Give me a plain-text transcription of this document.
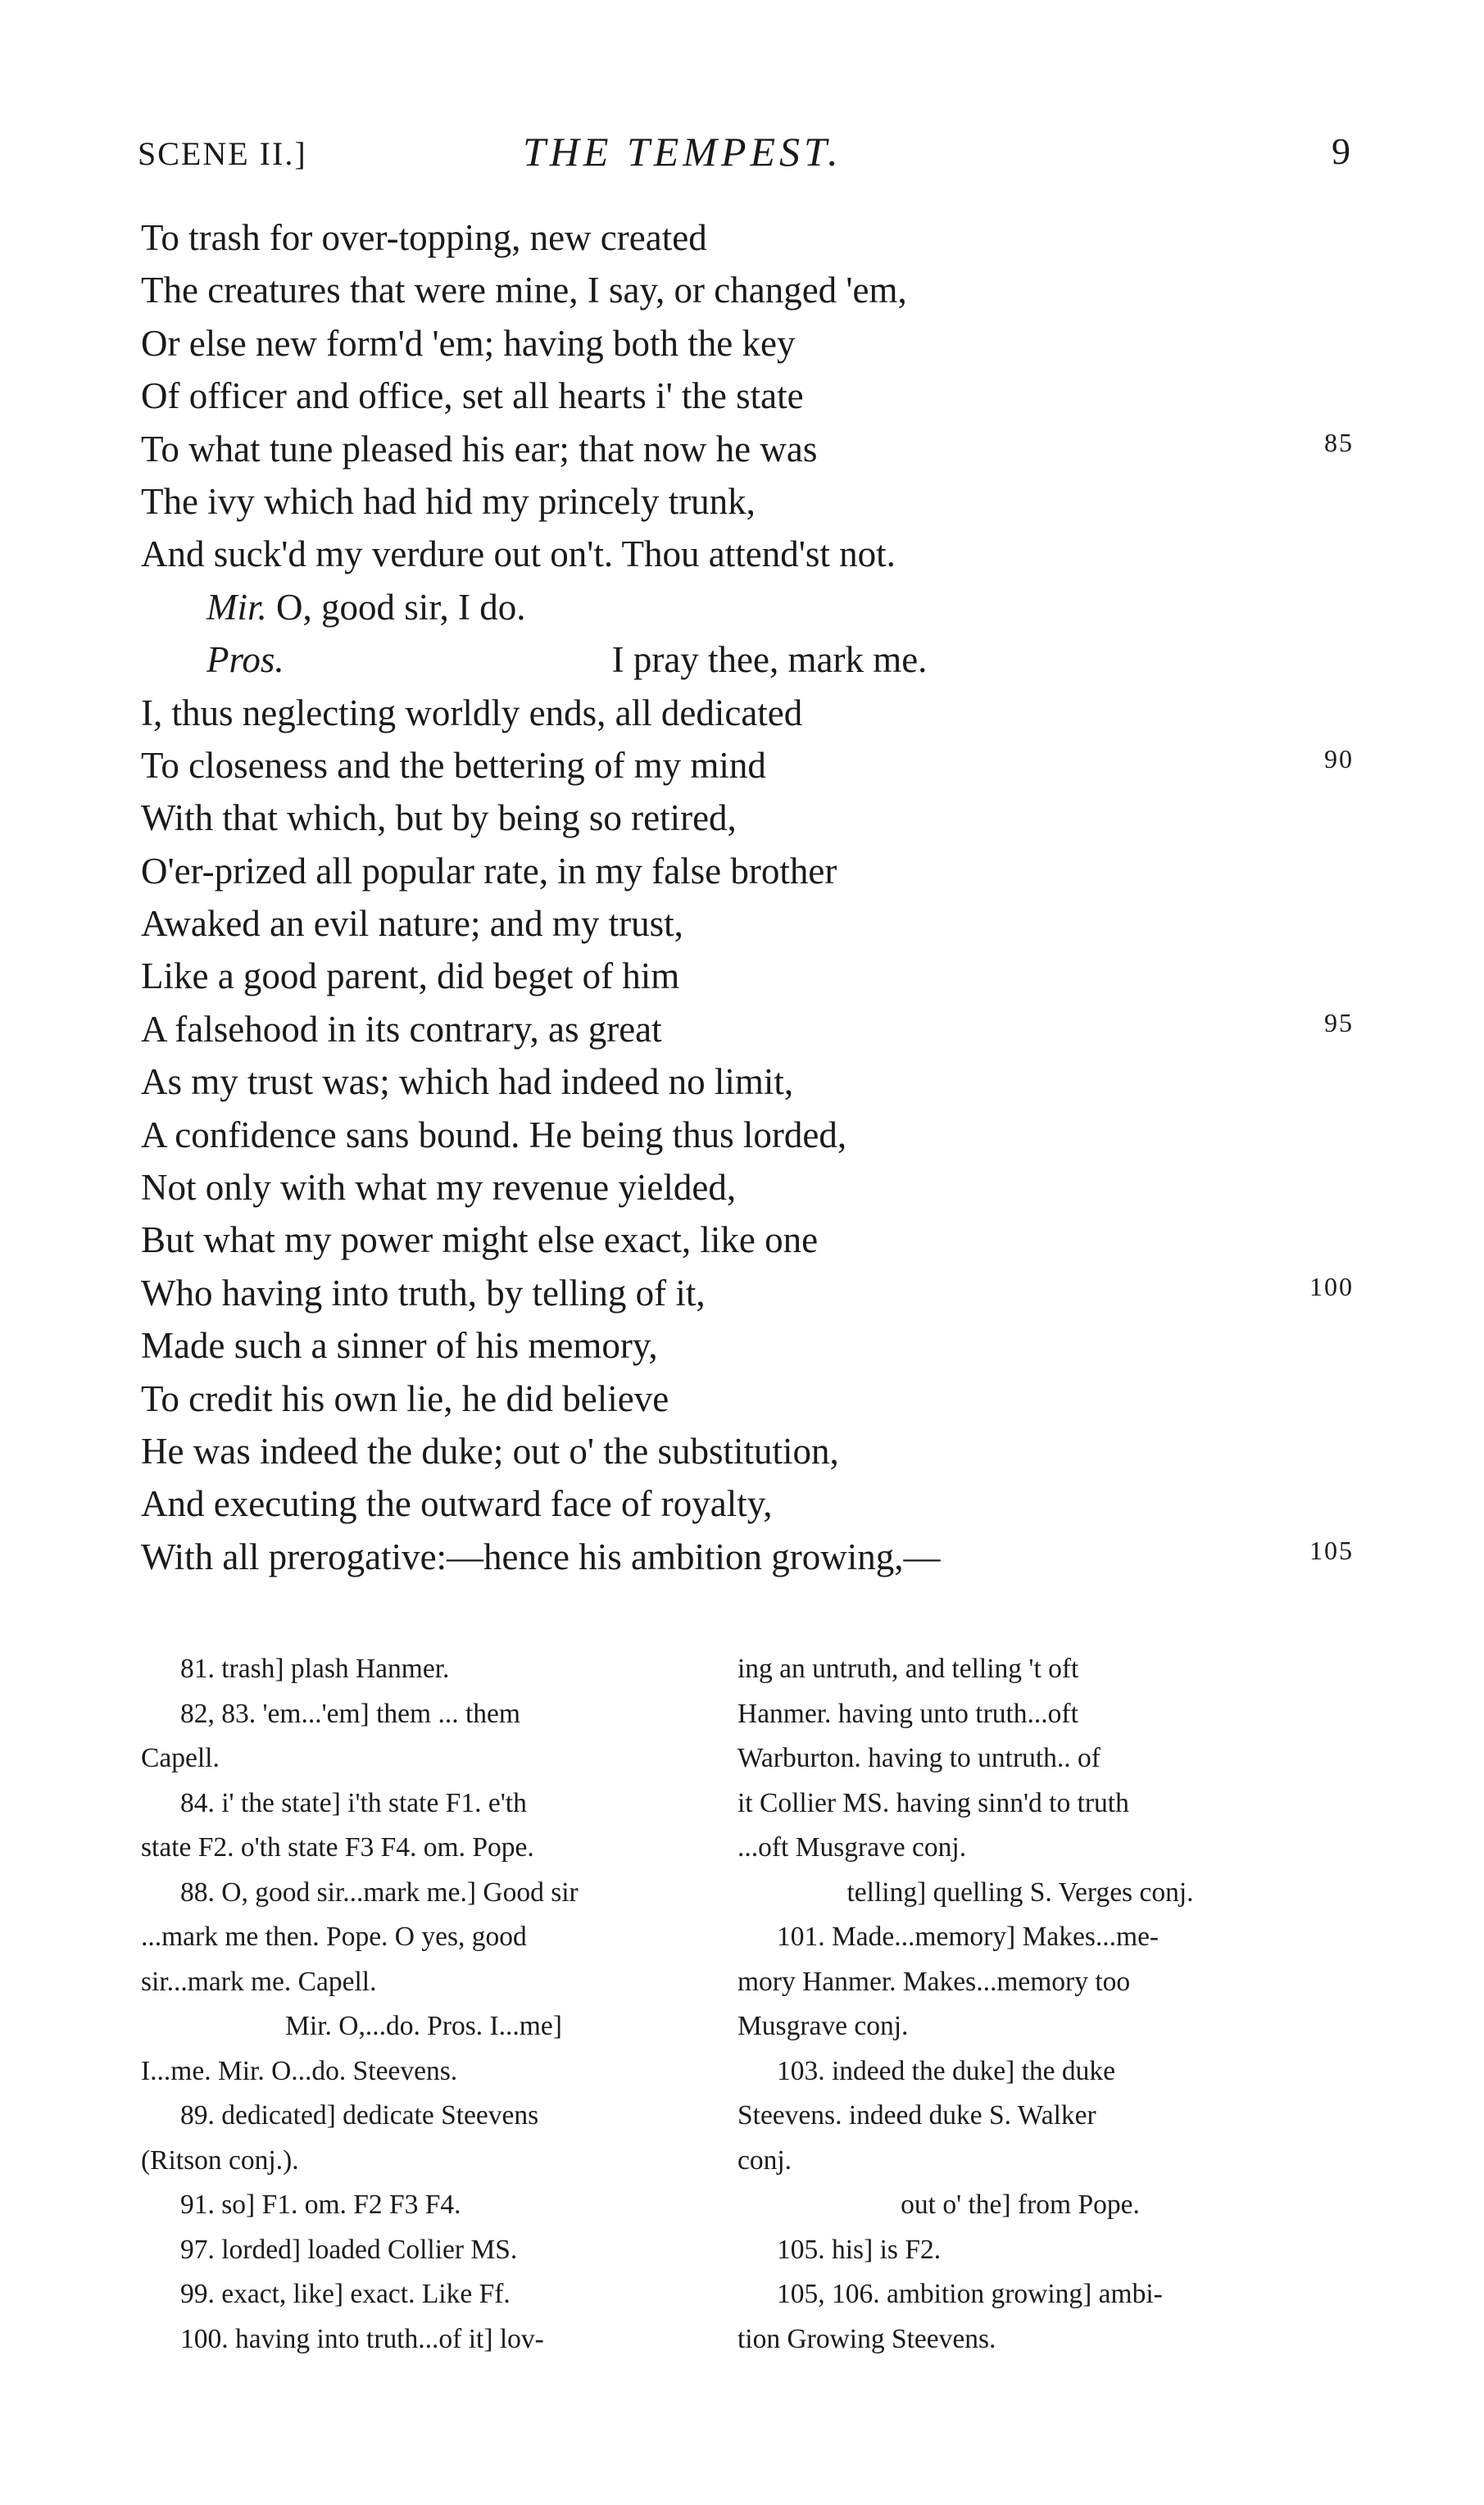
SCENE II.]	THE TEMPEST.	9
To trash for over-topping, new created
The creatures that were mine, I say, or changed 'em,
Or else new form'd 'em; having both the key
Of officer and office, set all hearts i' the state
To what tune pleased his ear; that now he was	85
The ivy which had hid my princely trunk,
And suck'd my verdure out on't. Thou attend'st not.
Mir. O, good sir, I do.
Pros.	I pray thee, mark me.
I, thus neglecting worldly ends, all dedicated
To closeness and the bettering of my mind	90
With that which, but by being so retired,
O'er-prized all popular rate, in my false brother
Awaked an evil nature; and my trust,
Like a good parent, did beget of him
A falsehood in its contrary, as great	95
As my trust was; which had indeed no limit,
A confidence sans bound. He being thus lorded,
Not only with what my revenue yielded,
But what my power might else exact, like one
Who having into truth, by telling of it,	100
Made such a sinner of his memory,
To credit his own lie, he did believe
He was indeed the duke; out o' the substitution,
And executing the outward face of royalty,
With all prerogative:—hence his ambition growing,—	105
81. trash] plash Hanmer.
82, 83. 'em...'em] them ... them
Capell.
84. i' the state] i'th state F1. e'th
state F2. o'th state F3 F4. om. Pope.
88. O, good sir...mark me.] Good sir
...mark me then. Pope. O yes, good
sir...mark me. Capell.
Mir. O,...do. Pros. I...me]
I...me. Mir. O...do. Steevens.
89. dedicated] dedicate Steevens
(Ritson conj.).
91. so] F1. om. F2 F3 F4.
97. lorded] loaded Collier MS.
99. exact, like] exact. Like Ff.
100. having into truth...of it] lov-
ing an untruth, and telling 't oft
Hanmer. having unto truth...oft
Warburton. having to untruth.. of
it Collier MS. having sinn'd to truth
...oft Musgrave conj.
telling] quelling S. Verges conj.
101. Made...memory] Makes...me-
mory Hanmer. Makes...memory too
Musgrave conj.
103. indeed the duke] the duke
Steevens. indeed duke S. Walker
conj.
out o' the] from Pope.
105. his] is F2.
105, 106. ambition growing] ambi-
tion Growing Steevens.
